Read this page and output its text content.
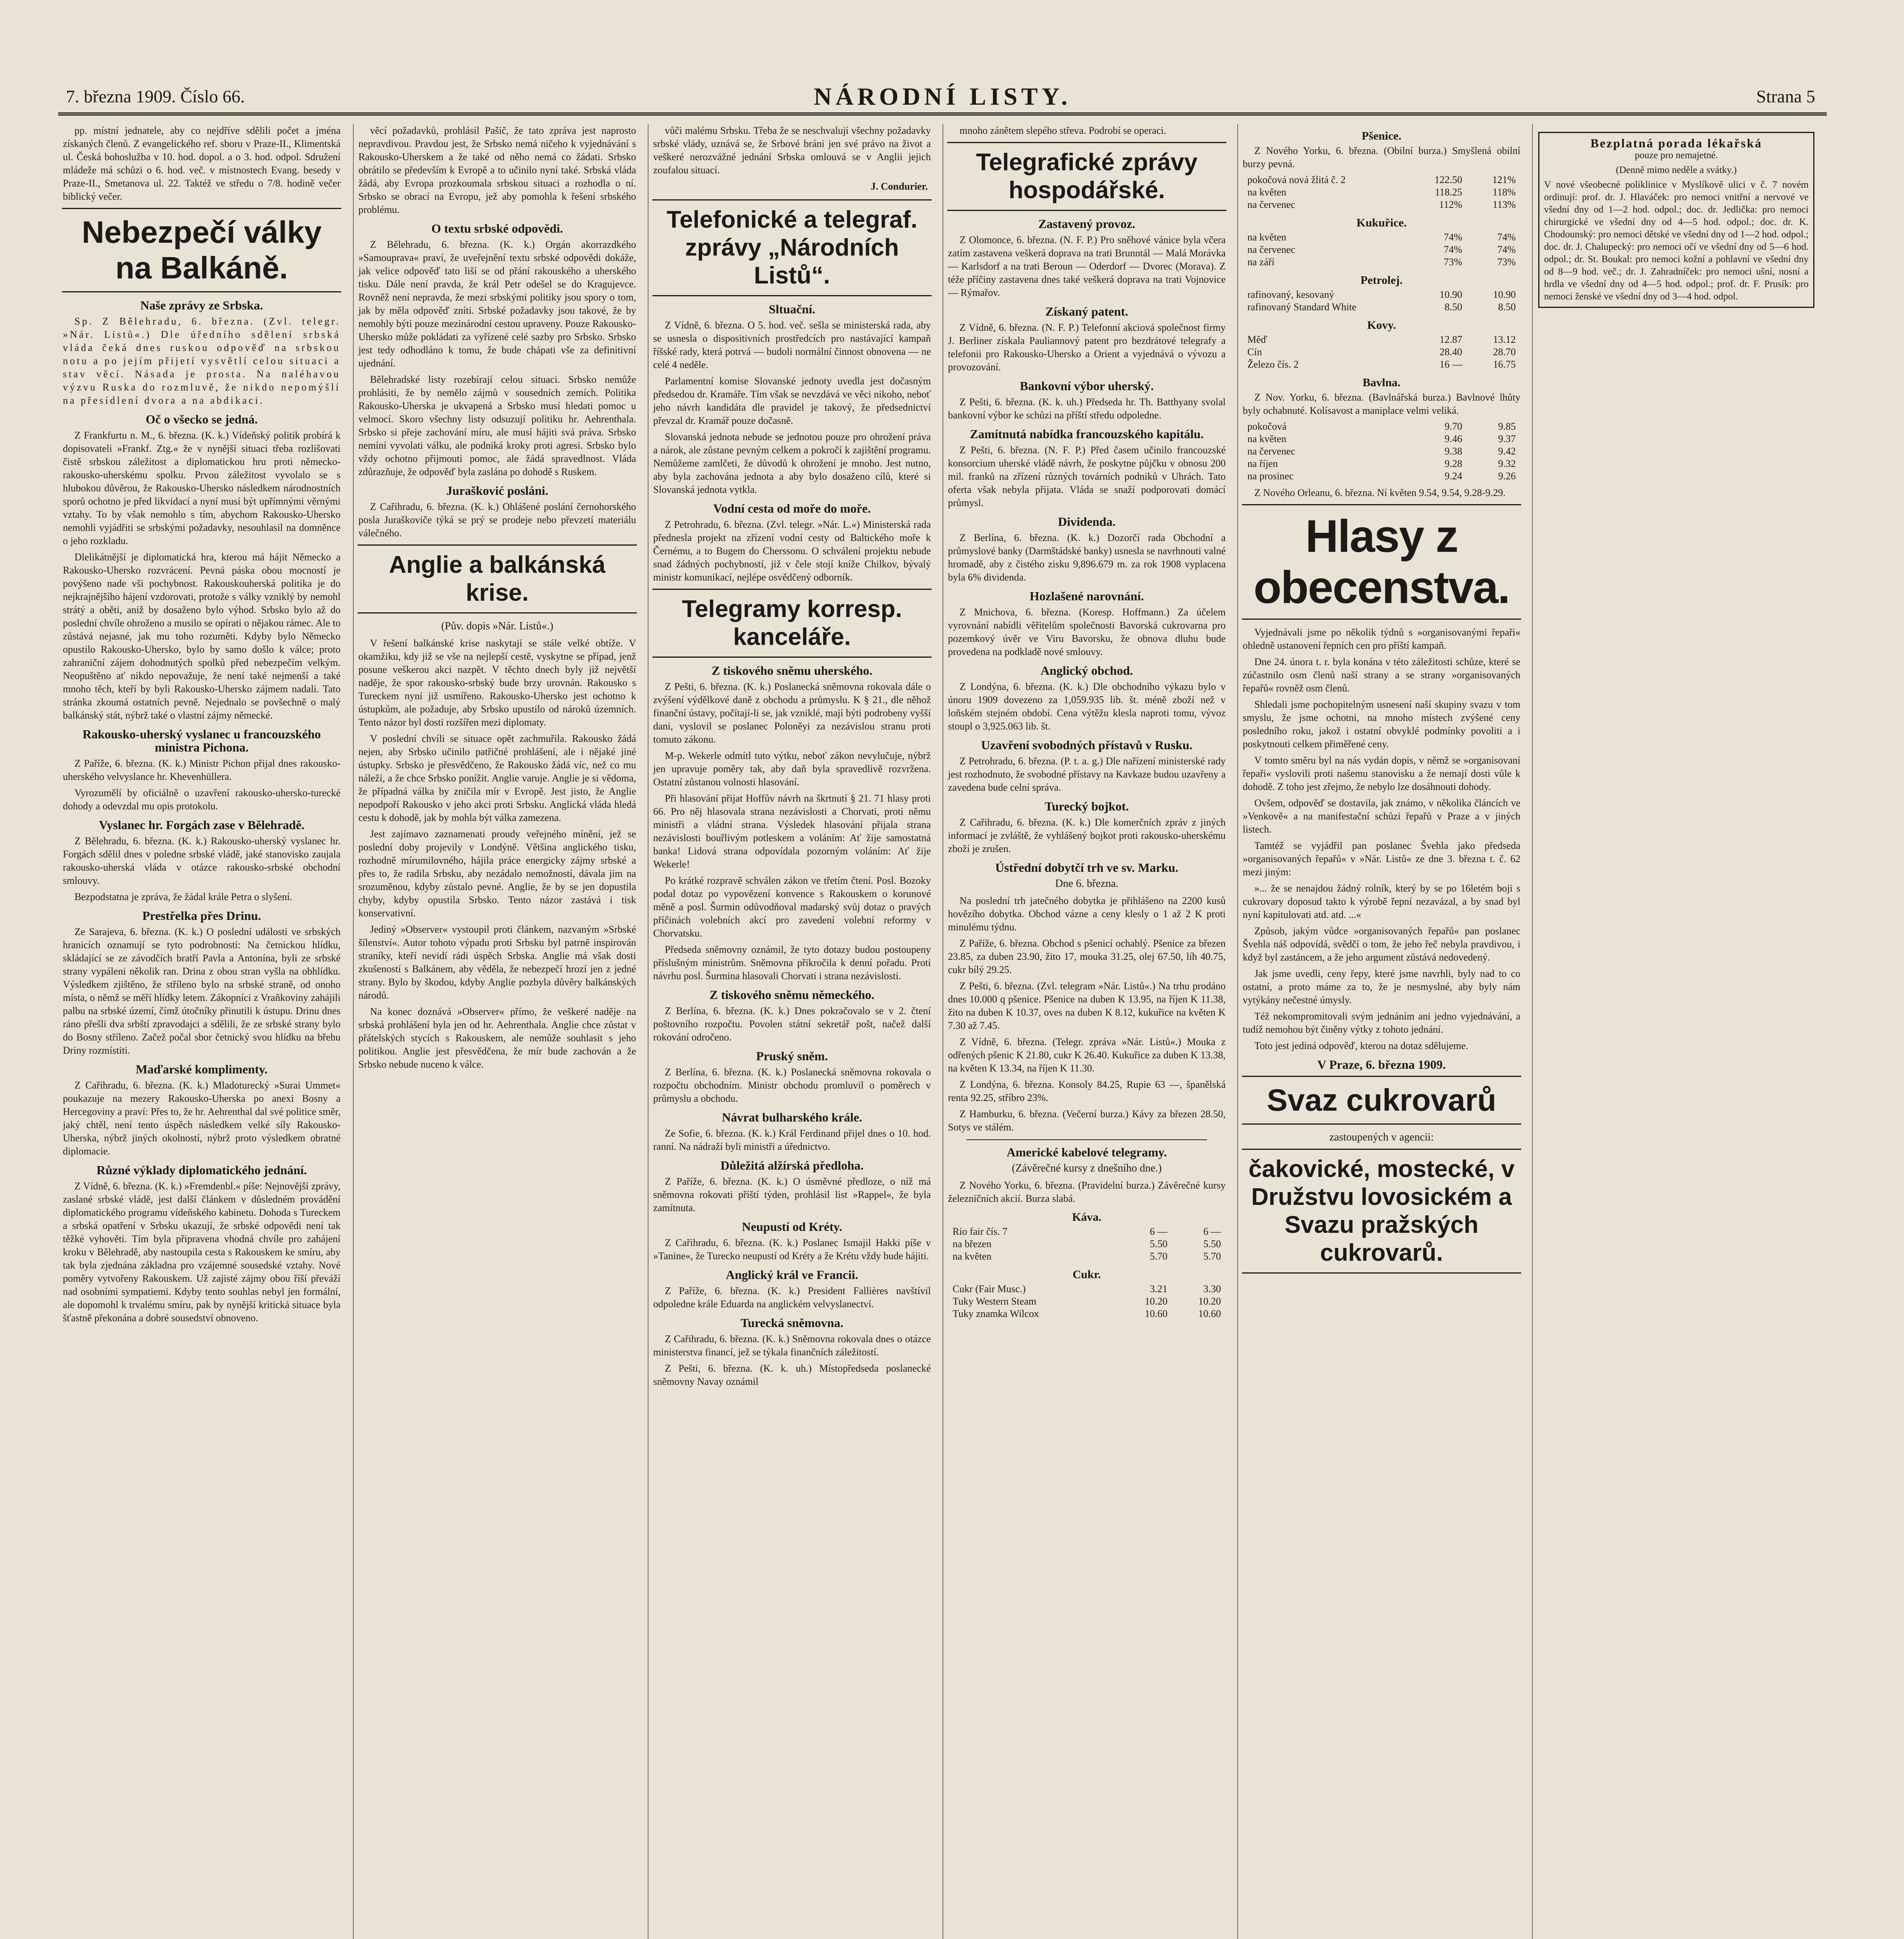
7. března 1909. Číslo 66.	NÁRODNÍ LISTY.	Strana 5

pp. místní jednatele, aby co nejdříve sdělili počet a jména získaných členů. Z evangelického ref. sboru v Praze-II., Klimentská ul. Česká bohoslužba v 10. hod. dopol. a o 3. hod. odpol. Sdružení mládeže má schůzi o 6. hod. več. v místnostech Evang. besedy v Praze-II., Smetanova ul. 22. Taktéž ve středu o 7/8. hodině večer biblický večer.

Nebezpečí války na Balkáně.
Naše zprávy ze Srbska.

Sp. Z Bělehradu, 6. března. (Zvl. telegr. »Nár. Listů«.) Dle úředního sdělení srbská vláda čeká dnes ruskou odpověď na srbskou notu a po jejím přijetí vysvětlí celou situaci a stav věcí. Násada je prosta. Na naléhavou výzvu Ruska do rozmluvě, že nikdo nepomýšlí na přesídlení dvora a na abdikaci.

Oč o všecko se jedná.

Z Frankfurtu n. M., 6. března. (K. k.) Vídeňský politik probírá k dopisovateli »Frankf. Ztg.« že v nynější situaci třeba rozlišovati čistě srbskou záležitost a diplomatickou hru proti německo-rakousko-uherskému spolku. Prvou záležitost vyvolalo se s hlubokou důvěrou, že Rakousko-Uhersko následkem národnostních sporů ochotno je před likvidací a nyní musí být upřímnými věrnými vztahy. To by však nemohlo s tím, abychom Rakousko-Uhersko nemohli vyjádřiti se srbskými požadavky, nesouhlasil na domněnce o jeho rozkladu.

Dlelikátnější je diplomatická hra, kterou má hájit Německo a Rakousko-Uhersko rozvrácení. Pevná páska obou mocností je povýšeno nade vši pochybnost. Rakouskouherská politika je do nejkrajnějšího hájení vzdorovati, protože s války vzniklý by nemohl strátý a oběti, aniž by dosaženo bylo výhod. Srbsko bylo až do poslední chvíle ohroženo a musilo se opírati o nějakou rámec. Ale to zůstává nejasné, jak mu toho rozuměti. Kdyby bylo Německo opustilo Rakousko-Uhersko, bylo by samo došlo k válce; proto zahraniční zájem dohodnutých spolků před nebezpečím velkým. Neopuštěno ať nikdo nepovažuje, že není také nejmenší a také mnoho těch, kteří by byli Rakousko-Uhersko zájmem nadali. Tato stránka zkoumá ostatních pevně. Nejednalo se povšechně o malý balkánský stát, nýbrž také o vlastní zájmy německé.

Rakousko-uherský vyslanec u francouzského ministra Pichona.

Z Paříže, 6. března. (K. k.) Ministr Pichon přijal dnes rakousko-uherského velvyslance hr. Khevenhüllera.

Vyrozumělí by oficiálně o uzavření rakousko-uhersko-turecké dohody a odevzdal mu opis protokolu.

Vyslanec hr. Forgách zase v Bělehradě.

Z Bělehradu, 6. března. (K. k.) Rakousko-uherský vyslanec hr. Forgách sdělil dnes v poledne srbské vládě, jaké stanovisko zaujala rakousko-uherská vláda v otázce rakousko-srbské obchodní smlouvy.

Bezpodstatna je zpráva, že žádal krále Petra o slyšení.

Prestřelka přes Drinu.

Ze Sarajeva, 6. března. (K. k.) O poslední události ve srbských hranicích oznamují se tyto podrobnosti: Na četnickou hlídku, skládající se ze závodčích bratří Pavla a Antonína, byli ze srbské strany vypáleni několik ran. Drina z obou stran vyšla na obhlídku. Výsledkem zjištěno, že stříleno bylo na srbské straně, od onoho místa, o němž se měří hlídky letem. Zákopníci z Vraňkoviny zahájili palbu na srbské území, čímž útočníky přinutili k ústupu. Drinu dnes ráno přešli dva srbští zpravodajci a sdělili, že ze srbské strany bylo do Bosny stříleno. Začež počal sbor četnický svou hlídku na břehu Driny rozmístiti.

Maďarské komplimenty.

Z Cařihradu, 6. března. (K. k.) Mladoturecký »Surai Ummet« poukazuje na mezery Rakousko-Uherska po anexi Bosny a Hercegoviny a praví: Přes to, že hr. Aehrenthal dal své politice směr, jaký chtěl, není tento úspěch následkem velké síly Rakousko-Uherska, nýbrž jiných okolností, nýbrž proto výsledkem obratné diplomacie.

Různé výklady diplomatického jednání.

Z Vídně, 6. března. (K. k.) »Fremdenbl.« píše: Nejnovější zprávy, zaslané srbské vládě, jest další článkem v důsledném provádění diplomatického programu vídeňského kabinetu. Dohoda s Tureckem a srbská opatření v Srbsku ukazují, že srbské odpovědi není tak těžké vyhověti. Tím byla připravena vhodná chvíle pro zahájení kroku v Bělehradě, aby nastoupila cesta s Rakouskem ke smíru, aby tak byla zjednána základna pro vzájemné sousedské vztahy. Nové poměry vytvořeny Rakouskem. Už zajisté zájmy obou říší převáží nad osobními sympatiemi. Kdyby tento souhlas nebyl jen formální, ale dopomohl k trvalému smíru, pak by nynější kritická situace byla šťastně překonána a dobré sousedství obnoveno.

věcí požadavků, prohlásil Pašič, že tato zpráva jest naprosto nepravdivou. Pravdou jest, že Srbsko nemá ničeho k vyjednávání s Rakousko-Uherskem a že také od něho nemá co žádati. Srbsko obrátilo se především k Evropě a to učinilo nyní také. Srbská vláda žádá, aby Evropa prozkoumala srbskou situaci a rozhodla o ní. Srbsko se obrací na Evropu, jež aby pomohla k řešení srbského problému.

O textu srbské odpovědi.

Z Bělehradu, 6. března. (K. k.) Orgán akorrazdkého »Samouprava« praví, že uveřejnění textu srbské odpovědi dokáže, jak velice odpověď tato liší se od přání rakouského a uherského tisku. Dále není pravda, že král Petr odešel se do Kragujevce. Rovněž není nepravda, že mezi srbskými politiky jsou spory o tom, jak by měla odpověď zníti. Srbské požadavky jsou takové, že by nemohly býti pouze mezinárodní cestou upraveny. Pouze Rakousko-Uhersko může pokládati za vyřízené celé sazby pro Srbsko. Srbsko jest tedy odhodláno k tomu, že bude chápati vše za definitivní ujednání.

Bělehradské listy rozebírají celou situaci. Srbsko nemůže prohlásiti, že by nemělo zájmů v sousedních zemích. Politika Rakousko-Uherska je ukvapená a Srbsko musí hledati pomoc u velmocí. Skoro všechny listy odsuzují politiku hr. Aehrenthala. Srbsko si přeje zachování míru, ale musí hájiti svá práva. Srbsko nemíní vyvolati válku, ale podniká kroky proti agresi. Srbsko bylo vždy ochotno přijmouti pomoc, ale žádá spravedlnost. Vláda zdůrazňuje, že odpověď byla zaslána po dohodě s Ruskem.

Jurašković posláni.

Z Cařihradu, 6. března. (K. k.) Ohlášené poslání černohorského posla Juraškoviče týká se prý se prodeje nebo převzetí materiálu válečného.

Anglie a balkánská krise.
(Pův. dopis »Nár. Listů«.)

V řešení balkánské krise naskytají se stále velké obtíže. V okamžiku, kdy již se vše na nejlepší cestě, vyskytne se případ, jenž posune veškerou akci nazpět. V těchto dnech byly již největší naděje, že spor rakousko-srbský bude brzy urovnán. Rakousko s Tureckem nyní již usmířeno. Rakousko-Uhersko jest ochotno k ústupkům, ale požaduje, aby Srbsko upustilo od nároků územních. Tento názor byl dosti rozšířen mezi diplomaty.

V poslední chvíli se situace opět zachmuřila. Rakousko žádá nejen, aby Srbsko učinilo patřičné prohlášení, ale i nějaké jiné ústupky. Srbsko je přesvědčeno, že Rakousko žádá víc, než co mu náleží, a že chce Srbsko ponížit. Anglie varuje. Anglie je si vědoma, že případná válka by zničila mír v Evropě. Jest jisto, že Anglie nepodpoří Rakousko v jeho akci proti Srbsku. Anglická vláda hledá cestu k dohodě, jak by mohla být válka zamezena.

Jest zajímavo zaznamenati proudy veřejného mínění, jež se poslední doby projevily v Londýně. Většina anglického tisku, rozhodně mírumilovného, hájila práce energicky zájmy srbské a přes to, že radila Srbsku, aby nezádalo nemožností, dávala jim na srozuměnou, kdyby zůstalo pevné. Anglie, že by se jen dopustila chyby, kdyby opustila Srbsko. Tento názor zastává i tisk konservativní.

Jediný »Observer« vystoupil proti článkem, nazvaným »Srbské šílenství«. Autor tohoto výpadu proti Srbsku byl patrně inspirován straníky, kteří nevidí rádi úspěch Srbska. Anglie má však dosti zkušeností s Balkánem, aby věděla, že nebezpečí hrozí jen z jedné strany. Bylo by škodou, kdyby Anglie pozbyla důvěry balkánských národů.

Na konec doznává »Observer« přímo, že veškeré naděje na srbská prohlášení byla jen od hr. Aehrenthala. Anglie chce zůstat v přátelských stycích s Rakouskem, ale nemůže souhlasit s jeho politikou. Anglie jest přesvědčena, že mír bude zachován a že Srbsko nebude nuceno k válce.

vůči malému Srbsku. Třeba že se neschvalují všechny požadavky srbské vlády, uznává se, že Srbové bráni jen své právo na život a veškeré nerozvážné jednání Srbska omlouvá se v Anglii jejich zoufalou situací.

J. Condurier.
Telefonické a telegraf. zprávy „Národních Listů“.
Sltuační.

Z Vídně, 6. března. O 5. hod. več. sešla se ministerská rada, aby se usnesla o dispositivních prostředcích pro nastávající kampaň říšské rady, která potrvá — budoli normální činnost obnovena — ne celé 4 neděle.

Parlamentní komise Slovanské jednoty uvedla jest dočasným předsedou dr. Kramáře. Tím však se nevzdává ve věci nikoho, neboť jeho návrh kandidáta dle pravidel je takový, že předsednictví převzal dr. Kramář pouze dočasně.

Slovanská jednota nebude se jednotou pouze pro ohrožení práva a nárok, ale zůstane pevným celkem a pokročí k zajištění programu. Nemůžeme zamlčeti, že důvodů k ohrožení je mnoho. Jest nutno, aby byla zachována jednota a aby bylo dosaženo cílů, které si Slovanská jednota vytkla.

Vodní cesta od moře do moře.

Z Petrohradu, 6. března. (Zvl. telegr. »Nár. L.«) Ministerská rada přednesla projekt na zřízení vodní cesty od Baltického moře k Černému, a to Bugem do Cherssonu. O schválení projektu nebude snad žádných pochybností, již v čele stojí kníže Chilkov, bývalý ministr komunikací, nejlépe osvědčený odborník.

Telegramy korresp. kanceláře.
Z tiskového sněmu uherského.

Z Pešti, 6. března. (K. k.) Poslanecká sněmovna rokovala dále o zvýšení výdělkové daně z obchodu a průmyslu. K § 21., dle něhož finanční ústavy, počítají-li se, jak vzniklé, mají býti podrobeny vyšší dani, vyslovil se poslanec Poloněyi za nezávislou stranu proti tomuto zákonu.

M-p. Wekerle odmítl tuto výtku, neboť zákon nevylučuje, nýbrž jen upravuje poměry tak, aby daň byla spravedlivě rozvržena. Ostatní zůstanou volnosti hlasování.

Při hlasování přijat Hoffův návrh na škrtnutí § 21. 71 hlasy proti 66. Pro něj hlasovala strana nezávislosti a Chorvati, proti němu ministři a vládní strana. Výsledek hlasování přijala strana nezávislosti bouřlivým potleskem a voláním: Ať žije samostatná banka! Lidová strana odpovídala pozorným voláním: Ať žije Wekerle!

Po krátké rozpravě schválen zákon ve třetím čtení. Posl. Bozoky podal dotaz po vypovězení konvence s Rakouskem o korunové měně a posl. Šurmin odůvodňoval madarský svůj dotaz o pravých příčinách volebních akcí pro zavedení volební reformy v Chorvatsku.

Předseda sněmovny oznámil, že tyto dotazy budou postoupeny příslušným ministrům. Sněmovna přikročila k denní pořadu. Proti návrhu posl. Šurmina hlasovali Chorvati i strana nezávislosti.

Z tiskového sněmu německého.

Z Berlína, 6. března. (K. k.) Dnes pokračovalo se v 2. čtení poštovního rozpočtu. Povolen státní sekretář pošt, načež další rokování odročeno.

Pruský sněm.

Z Berlína, 6. března. (K. k.) Poslanecká sněmovna rokovala o rozpočtu obchodním. Ministr obchodu promluvil o poměrech v průmyslu a obchodu.

Návrat bulharského krále.

Ze Sofie, 6. března. (K. k.) Král Ferdinand přijel dnes o 10. hod. ranní. Na nádraží byli ministři a úřednictvo.

Důležitá alžírská předloha.

Z Paříže, 6. března. (K. k.) O úsměvné předloze, o níž má sněmovna rokovati příští týden, prohlásil list »Rappel«, že byla zamítnuta.

Neupustí od Kréty.

Z Cařihradu, 6. března. (K. k.) Poslanec Ismajil Hakki píše v »Tanine«, že Turecko neupustí od Kréty a že Krétu vždy bude hájiti.

Anglický král ve Francii.

Z Paříže, 6. března. (K. k.) President Fallières navštívil odpoledne krále Eduarda na anglickém velvyslanectví.

Turecká sněmovna.

Z Cařihradu, 6. března. (K. k.) Sněmovna rokovala dnes o otázce ministerstva financí, jež se týkala finančních záležitostí.

Z Pešti, 6. března. (K. k. uh.) Místopředseda poslanecké sněmovny Navay oznámil

mnoho zánětem slepého střeva. Podrobí se operaci.

Telegrafické zprávy hospodářské.
Zastavený provoz.

Z Olomonce, 6. března. (N. F. P.) Pro sněhové vánice byla včera zatím zastavena veškerá doprava na trati Brunntál — Malá Morávka — Karlsdorf a na trati Beroun — Oderdorf — Dvorec (Morava). Z téže příčiny zastavena dnes také veškerá doprava na trati Vojnovice — Rýmařov.

Získaný patent.

Z Vídně, 6. března. (N. F. P.) Telefonní akciová společnost firmy J. Berliner získala Pauliannový patent pro bezdrátové telegrafy a telefonii pro Rakousko-Uhersko a Orient a vyjednává o vývozu a provozování.

Bankovní výbor uherský.

Z Pešti, 6. března. (K. k. uh.) Předseda hr. Th. Batthyany svolal bankovní výbor ke schůzi na příští středu odpoledne.

Zamítnutá nabídka francouzského kapitálu.

Z Pešti, 6. března. (N. F. P.) Před časem učinilo francouzské konsorcium uherské vládě návrh, že poskytne půjčku v obnosu 200 mil. franků na zřízení různých továrních podniků v Uhrách. Tato oferta však nebyla přijata. Vláda se snaží podporovati domácí průmysl.

Dividenda.

Z Berlína, 6. března. (K. k.) Dozorčí rada Obchodní a průmyslové banky (Darmštádské banky) usnesla se navrhnouti valné hromadě, aby z čistého zisku 9,896.679 m. za rok 1908 vyplacena byla 6% dividenda.

Hozlašené narovnání.

Z Mnichova, 6. března. (Koresp. Hoffmann.) Za účelem vyrovnání nabídli věřitelům společnosti Bavorská cukrovarna pro pozemkový úvěr ve Viru Bavorsku, že obnova dluhu bude provedena na podkladě nové smlouvy.

Anglický obchod.

Z Londýna, 6. března. (K. k.) Dle obchodního výkazu bylo v únoru 1909 dovezeno za 1,059.935 lib. št. méně zboží než v loňském stejném období. Cena výtěžu klesla naproti tomu, vývoz stoupl o 3,925.063 lib. št.

Uzavření svobodných přístavů v Rusku.

Z Petrohradu, 6. března. (P. t. a. g.) Dle nařízení ministerské rady jest rozhodnuto, že svobodné přístavy na Kavkaze budou uzavřeny a zavedena bude celní správa.

Turecký bojkot.

Z Cařihradu, 6. března. (K. k.) Dle komerčních zpráv z jiných informací je zvláště, že vyhlášený bojkot proti rakousko-uherskému zboží je zrušen.

Ústřední dobytčí trh ve sv. Marku.
Dne 6. března.

Na poslední trh jatečného dobytka je přihlášeno na 2200 kusů hovězího dobytka. Obchod vázne a ceny klesly o 1 až 2 K proti minulému týdnu.

Z Paříže, 6. března. Obchod s pšenicí ochablý. Pšenice za březen 23.85, za duben 23.90, žito 17, mouka 31.25, olej 67.50, líh 40.75, cukr bílý 29.25.

Z Pešti, 6. března. (Zvl. telegram »Nár. Listů«.) Na trhu prodáno dnes 10.000 q pšenice. Pšenice na duben K 13.95, na říjen K 11.38, žito na duben K 10.37, oves na duben K 8.12, kukuřice na květen K 7.30 až 7.45.

Z Vídně, 6. března. (Telegr. zpráva »Nár. Listů«.) Mouka z odřených pšenic K 21.80, cukr K 26.40. Kukuřice za duben K 13.38, na květen K 13.34, na říjen K 11.30.

Z Londýna, 6. března. Konsoly 84.25, Rupie 63 —, španělská renta 92.25, stříbro 23%.

Z Hamburku, 6. března. (Večerní burza.) Kávy za březen 28.50, Sotys ve stálém.

Americké kabelové telegramy.
(Závěrečné kursy z dnešního dne.)

Z Nového Yorku, 6. března. (Pravidelní burza.) Závěrečné kursy železničních akcií. Burza slabá.

Káva.
Rio fair čís. 7	6 —	6 —
na březen	5.50	5.50
na květen	5.70	5.70
Cukr.
Cukr (Fair Musc.)	3.21	3.30
Tuky Western Steam	10.20	10.20
Tuky znamka Wilcox	10.60	10.60
Pšenice.

Z Nového Yorku, 6. března. (Obilní burza.) Smyšlená obilní burzy pevná.

pokočová nová žlitá č. 2	122.50	121%
na květen	118.25	118%
na červenec	112%	113%
Kukuřice.
na květen	74%	74%
na červenec	74%	74%
na září	73%	73%
Petrolej.
rafinovaný, kesovaný	10.90	10.90
rafinovaný Standard White	8.50	8.50
Kovy.
Měď	12.87	13.12
Cín	28.40	28.70
Železo čís. 2	16 —	16.75
Bavlna.

Z Nov. Yorku, 6. března. (Bavlnářská burza.) Bavlnové lhůty byly ochabnuté. Kolísavost a maniplace velmi veliká.

pokočová	9.70	9.85
na květen	9.46	9.37
na červenec	9.38	9.42
na říjen	9.28	9.32
na prosinec	9.24	9.26

Z Nového Orleanu, 6. března. Ní květen 9.54, 9.54, 9.28-9.29.

Hlasy z obecenstva.

Vyjednávali jsme po několik týdnů s »organisovanými řepaři« ohledně ustanovení řepních cen pro příští kampaň.

Dne 24. února t. r. byla konána v této záležitosti schůze, které se zúčastnilo osm členů naší strany a se strany »organisovaných řepařů« rovněž osm členů.

Shledali jsme pochopitelným usnesení naší skupiny svazu v tom smyslu, že jsme ochotni, na mnoho místech zvýšené ceny posledního roku, jakož i ostatní obvyklé podmínky povoliti a i poskytnouti celkem přiměřené ceny.

V tomto směru byl na nás vydán dopis, v němž se »organisovaní řepaři« vyslovili proti našemu stanovisku a že nemají dosti vůle k dohodě. Z toho jest zřejmo, že nebylo lze dosáhnouti dohody.

Ovšem, odpověď se dostavila, jak známo, v několika článcích ve »Venkově« a na manifestační schůzi řepařů v Praze a v jiných listech.

Tamtéž se vyjádřil pan poslanec Švehla jako předseda »organisovaných řepařů« v »Nár. Listů« ze dne 3. března t. č. 62 mezi jiným:

»... že se nenajdou žádný rolník, který by se po 16letém boji s cukrovary doposud takto k výrobě řepní nezavázal, a by snad byl nyní kapitulovati atd. atd. ...«

Způsob, jakým vůdce »organisovaných řepařů« pan poslanec Švehla náš odpovídá, svědčí o tom, že jeho řeč nebyla pravdivou, i když byl zastáncem, a že jeho argument zůstává nedovedený.

Jak jsme uvedli, ceny řepy, které jsme navrhli, byly nad to co ostatní, a proto máme za to, že je nesmyslné, aby byly nám vytýkány nečestné úmysly.

Též nekompromitovali svým jednáním ani jedno vyjednávání, a tudíž nemohou být činěny výtky z tohoto jednání.

Toto jest jediná odpověď, kterou na dotaz sdělujeme.

V Praze, 6. března 1909.
Svaz cukrovarů
zastoupených v agencii:
čakovické, mostecké, v Družstvu lovosickém a Svazu pražských cukrovarů.
Bezplatná porada lékařská
pouze pro nemajetné.
(Denně mimo neděle a svátky.)
V nové všeobecné poliklinice v Myslíkově ulici v č. 7 novém ordinují: prof. dr. J. Hlaváček: pro nemoci vnitřní a nervové ve všední dny od 1—2 hod. odpol.; doc. dr. Jedlička: pro nemoci chirurgické ve všední dny od 4—5 hod. odpol.; doc. dr. K. Chodounský: pro nemoci dětské ve všední dny od 1—2 hod. odpol.; doc. dr. J. Chalupecký: pro nemoci očí ve všední dny od 5—6 hod. odpol.; dr. St. Boukal: pro nemoci kožní a pohlavní ve všední dny od 8—9 hod. več.; dr. J. Zahradníček: pro nemoci ušní, nosní a hrdla ve všední dny od 4—5 hod. odpol.; prof. dr. F. Prusík: pro nemoci ženské ve všední dny od 3—4 hod. odpol.
